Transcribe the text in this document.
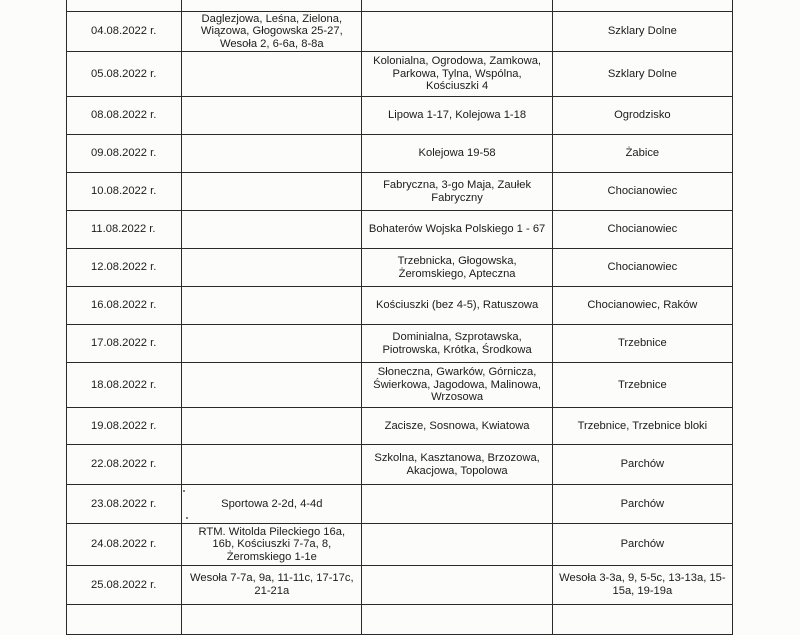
04.08.2022 r.	Daglezjowa, Leśna, Zielona, Wiązowa, Głogowska 25-27, Wesoła 2, 6-6a, 8-8a		Szklary Dolne
05.08.2022 r.		Kolonialna, Ogrodowa, Zamkowa, Parkowa, Tylna, Wspólna, Kościuszki 4	Szklary Dolne
08.08.2022 r.		Lipowa 1-17, Kolejowa 1-18	Ogrodzisko
09.08.2022 r.		Kolejowa 19-58	Żabice
10.08.2022 r.		Fabryczna, 3-go Maja, Zaułek Fabryczny	Chocianowiec
11.08.2022 r.		Bohaterów Wojska Polskiego 1 - 67	Chocianowiec
12.08.2022 r.		Trzebnicka, Głogowska, Żeromskiego, Apteczna	Chocianowiec
16.08.2022 r.		Kościuszki (bez 4-5), Ratuszowa	Chocianowiec, Raków
17.08.2022 r.		Dominialna, Szprotawska, Piotrowska, Krótka, Środkowa	Trzebnice
18.08.2022 r.		Słoneczna, Gwarków, Górnicza, Świerkowa, Jagodowa, Malinowa, Wrzosowa	Trzebnice
19.08.2022 r.		Zacisze, Sosnowa, Kwiatowa	Trzebnice, Trzebnice bloki
22.08.2022 r.		Szkolna, Kasztanowa, Brzozowa, Akacjowa, Topolowa	Parchów
23.08.2022 r.	Sportowa 2-2d, 4-4d		Parchów
24.08.2022 r.	RTM. Witolda Pileckiego 16a, 16b, Kościuszki 7-7a, 8, Żeromskiego 1-1e		Parchów
25.08.2022 r.	Wesoła 7-7a, 9a, 11-11c, 17-17c, 21-21a		Wesoła 3-3a, 9, 5-5c, 13-13a, 15-15a, 19-19a
